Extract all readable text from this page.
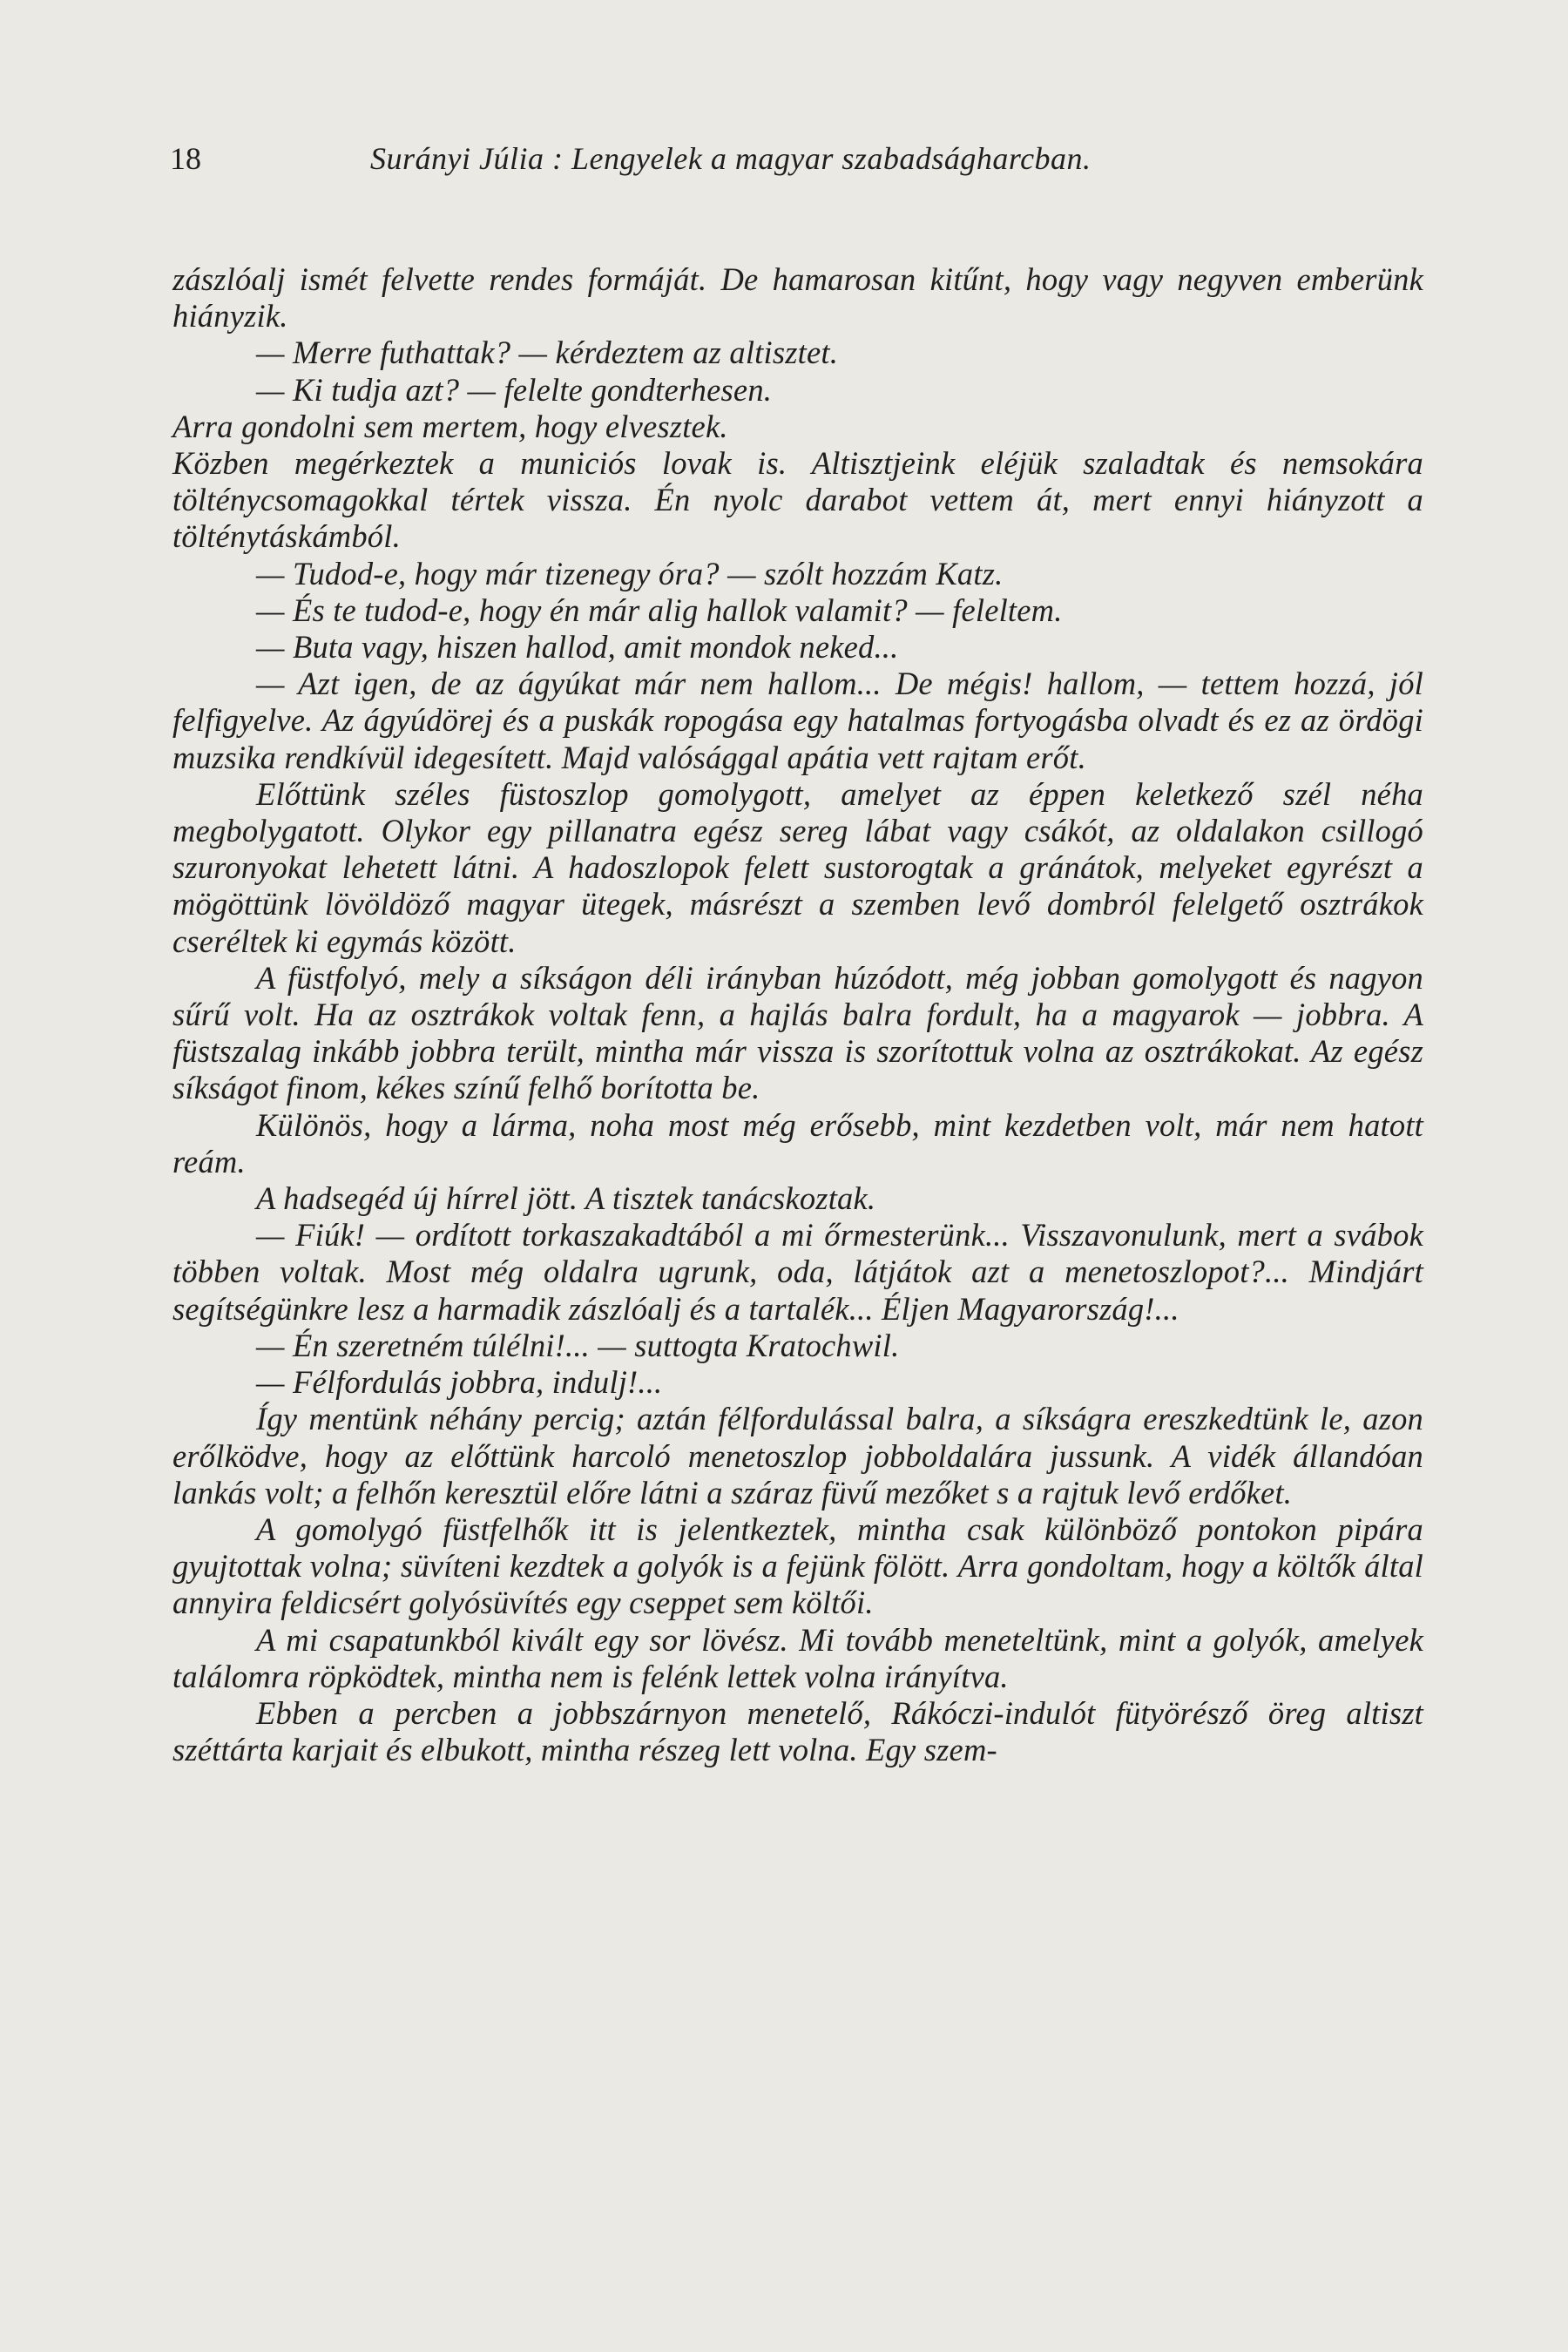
18	Surányi Júlia : Lengyelek a magyar szabadságharcban.

zászlóalj ismét felvette rendes formáját. De hamarosan kitűnt, hogy vagy negyven emberünk hiányzik.

— Merre futhattak? — kérdeztem az altisztet.

— Ki tudja azt? — felelte gondterhesen.

Arra gondolni sem mertem, hogy elvesztek.

Közben megérkeztek a municiós lovak is. Altisztjeink eléjük szaladtak és nemsokára tölténycsomagokkal tértek vissza. Én nyolc darabot vettem át, mert ennyi hiányzott a tölténytáskámból.

— Tudod-e, hogy már tizenegy óra? — szólt hozzám Katz.

— És te tudod-e, hogy én már alig hallok valamit? — feleltem.

— Buta vagy, hiszen hallod, amit mondok neked...

— Azt igen, de az ágyúkat már nem hallom... De mégis! hallom, — tettem hozzá, jól felfigyelve. Az ágyúdörej és a puskák ropogása egy hatalmas fortyogásba olvadt és ez az ördögi muzsika rendkívül idegesített. Majd valósággal apátia vett rajtam erőt.

Előttünk széles füstoszlop gomolygott, amelyet az éppen keletkező szél néha megbolygatott. Olykor egy pillanatra egész sereg lábat vagy csákót, az oldalakon csillogó szuronyokat lehetett látni. A hadoszlopok felett sustorogtak a gránátok, melyeket egyrészt a mögöttünk lövöldöző magyar ütegek, másrészt a szemben levő dombról felelgető osztrákok cseréltek ki egymás között.

A füstfolyó, mely a síkságon déli irányban húzódott, még jobban gomolygott és nagyon sűrű volt. Ha az osztrákok voltak fenn, a hajlás balra fordult, ha a magyarok — jobbra. A füstszalag inkább jobbra terült, mintha már vissza is szorítottuk volna az osztrákokat. Az egész síkságot finom, kékes színű felhő borította be.

Különös, hogy a lárma, noha most még erősebb, mint kezdetben volt, már nem hatott reám.

A hadsegéd új hírrel jött. A tisztek tanácskoztak.

— Fiúk! — ordított torkaszakadtából a mi őrmesterünk... Visszavonulunk, mert a svábok többen voltak. Most még oldalra ugrunk, oda, látjátok azt a menetoszlopot?... Mindjárt segítségünkre lesz a harmadik zászlóalj és a tartalék... Éljen Magyarország!...

— Én szeretném túlélni!... — suttogta Kratochwil.

— Félfordulás jobbra, indulj!...

Így mentünk néhány percig; aztán félfordulással balra, a síkságra ereszkedtünk le, azon erőlködve, hogy az előttünk harcoló menetoszlop jobboldalára jussunk. A vidék állandóan lankás volt; a felhőn keresztül előre látni a száraz füvű mezőket s a rajtuk levő erdőket.

A gomolygó füstfelhők itt is jelentkeztek, mintha csak különböző pontokon pipára gyujtottak volna; süvíteni kezdtek a golyók is a fejünk fölött. Arra gondoltam, hogy a költők által annyira feldicsért golyósüvítés egy cseppet sem költői.

A mi csapatunkból kivált egy sor lövész. Mi tovább meneteltünk, mint a golyók, amelyek találomra röpködtek, mintha nem is felénk lettek volna irányítva.

Ebben a percben a jobbszárnyon menetelő, Rákóczi-indulót fütyörésző öreg altiszt széttárta karjait és elbukott, mintha részeg lett volna. Egy szem-
